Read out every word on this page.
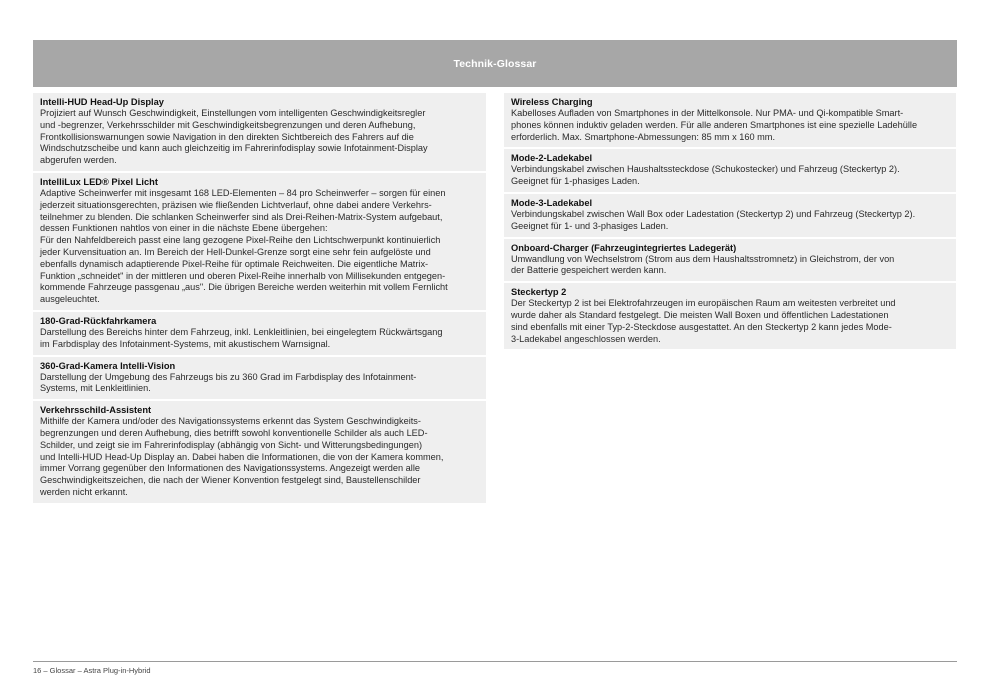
Technik-Glossar
Intelli-HUD Head-Up Display
Projiziert auf Wunsch Geschwindigkeit, Einstellungen vom intelligenten Geschwindigkeitsregler
und -begrenzer, Verkehrsschilder mit Geschwindigkeitsbegrenzungen und deren Aufhebung,
Frontkollisionswarnungen sowie Navigation in den direkten Sichtbereich des Fahrers auf die
Windschutzscheibe und kann auch gleichzeitig im Fahrerinfodisplay sowie Infotainment-Display
abgerufen werden.
IntelliLux LED® Pixel Licht
Adaptive Scheinwerfer mit insgesamt 168 LED-Elementen – 84 pro Scheinwerfer – sorgen für einen
jederzeit situationsgerechten, präzisen wie fließenden Lichtverlauf, ohne dabei andere Verkehrs-
teilnehmer zu blenden. Die schlanken Scheinwerfer sind als Drei-Reihen-Matrix-System aufgebaut,
dessen Funktionen nahtlos von einer in die nächste Ebene übergehen:
Für den Nahfeldbereich passt eine lang gezogene Pixel-Reihe den Lichtschwerpunkt kontinuierlich
jeder Kurvensituation an. Im Bereich der Hell-Dunkel-Grenze sorgt eine sehr fein aufgelöste und
ebenfalls dynamisch adaptierende Pixel-Reihe für optimale Reichweiten. Die eigentliche Matrix-
Funktion „schneidet" in der mittleren und oberen Pixel-Reihe innerhalb von Millisekunden entgegen-
kommende Fahrzeuge passgenau „aus". Die übrigen Bereiche werden weiterhin mit vollem Fernlicht
ausgeleuchtet.
180-Grad-Rückfahrkamera
Darstellung des Bereichs hinter dem Fahrzeug, inkl. Lenkleitlinien, bei eingelegtem Rückwärtsgang
im Farbdisplay des Infotainment-Systems, mit akustischem Warnsignal.
360-Grad-Kamera Intelli-Vision
Darstellung der Umgebung des Fahrzeugs bis zu 360 Grad im Farbdisplay des Infotainment-
Systems, mit Lenkleitlinien.
Verkehrsschild-Assistent
Mithilfe der Kamera und/oder des Navigationssystems erkennt das System Geschwindigkeits-
begrenzungen und deren Aufhebung, dies betrifft sowohl konventionelle Schilder als auch LED-
Schilder, und zeigt sie im Fahrerinfodisplay (abhängig von Sicht- und Witterungsbedingungen)
und Intelli-HUD Head-Up Display an. Dabei haben die Informationen, die von der Kamera kommen,
immer Vorrang gegenüber den Informationen des Navigationssystems. Angezeigt werden alle
Geschwindigkeitszeichen, die nach der Wiener Konvention festgelegt sind, Baustellenschilder
werden nicht erkannt.
Wireless Charging
Kabelloses Aufladen von Smartphones in der Mittelkonsole. Nur PMA- und Qi-kompatible Smart-
phones können induktiv geladen werden. Für alle anderen Smartphones ist eine spezielle Ladehülle
erforderlich. Max. Smartphone-Abmessungen: 85 mm x 160 mm.
Mode-2-Ladekabel
Verbindungskabel zwischen Haushaltssteckdose (Schukostecker) und Fahrzeug (Steckertyp 2).
Geeignet für 1-phasiges Laden.
Mode-3-Ladekabel
Verbindungskabel zwischen Wall Box oder Ladestation (Steckertyp 2) und Fahrzeug (Steckertyp 2).
Geeignet für 1- und 3-phasiges Laden.
Onboard-Charger (Fahrzeugintegriertes Ladegerät)
Umwandlung von Wechselstrom (Strom aus dem Haushaltsstromnetz) in Gleichstrom, der von
der Batterie gespeichert werden kann.
Steckertyp 2
Der Steckertyp 2 ist bei Elektrofahrzeugen im europäischen Raum am weitesten verbreitet und
wurde daher als Standard festgelegt. Die meisten Wall Boxen und öffentlichen Ladestationen
sind ebenfalls mit einer Typ-2-Steckdose ausgestattet. An den Steckertyp 2 kann jedes Mode-
3-Ladekabel angeschlossen werden.
16 – Glossar – Astra Plug-in-Hybrid
